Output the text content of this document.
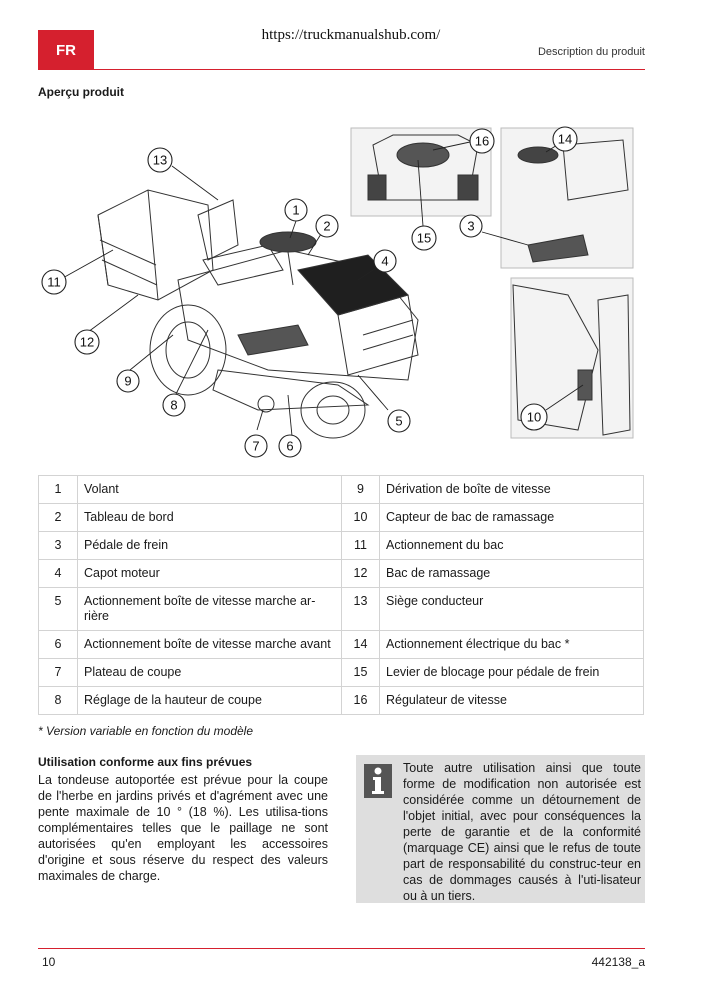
FR
https://truckmanualshub.com/
Description du produit
Aperçu produit
1
2	3
4
5
6
7
8
9
10
11
12
13
14
15
16
1	Volant	9	Dérivation de boîte de vitesse
2	Tableau de bord	10	Capteur de bac de ramassage
3	Pédale de frein	11	Actionnement du bac
4	Capot moteur	12	Bac de ramassage
5	Actionnement boîte de vitesse marche ar-rière	13	Siège conducteur
6	Actionnement boîte de vitesse marche avant	14	Actionnement électrique du bac *
7	Plateau de coupe	15	Levier de blocage pour pédale de frein
8	Réglage de la hauteur de coupe	16	Régulateur de vitesse
* Version variable en fonction du modèle
Utilisation conforme aux fins prévues
La tondeuse autoportée est prévue pour la coupe de l'herbe en jardins privés et d'agrément avec une pente maximale de 10 ° (18 %). Les utilisa-tions complémentaires telles que le paillage ne sont autorisées qu'en employant les accessoires d'origine et sous réserve du respect des valeurs maximales de charge.
Toute autre utilisation ainsi que toute forme de modification non autorisée est considérée comme un détournement de l'objet initial, avec pour conséquences la perte de garantie et de la conformité (marquage CE) ainsi que le refus de toute part de responsabilité du construc-teur en cas de dommages causés à l'uti-lisateur ou à un tiers.
10	442138_a
